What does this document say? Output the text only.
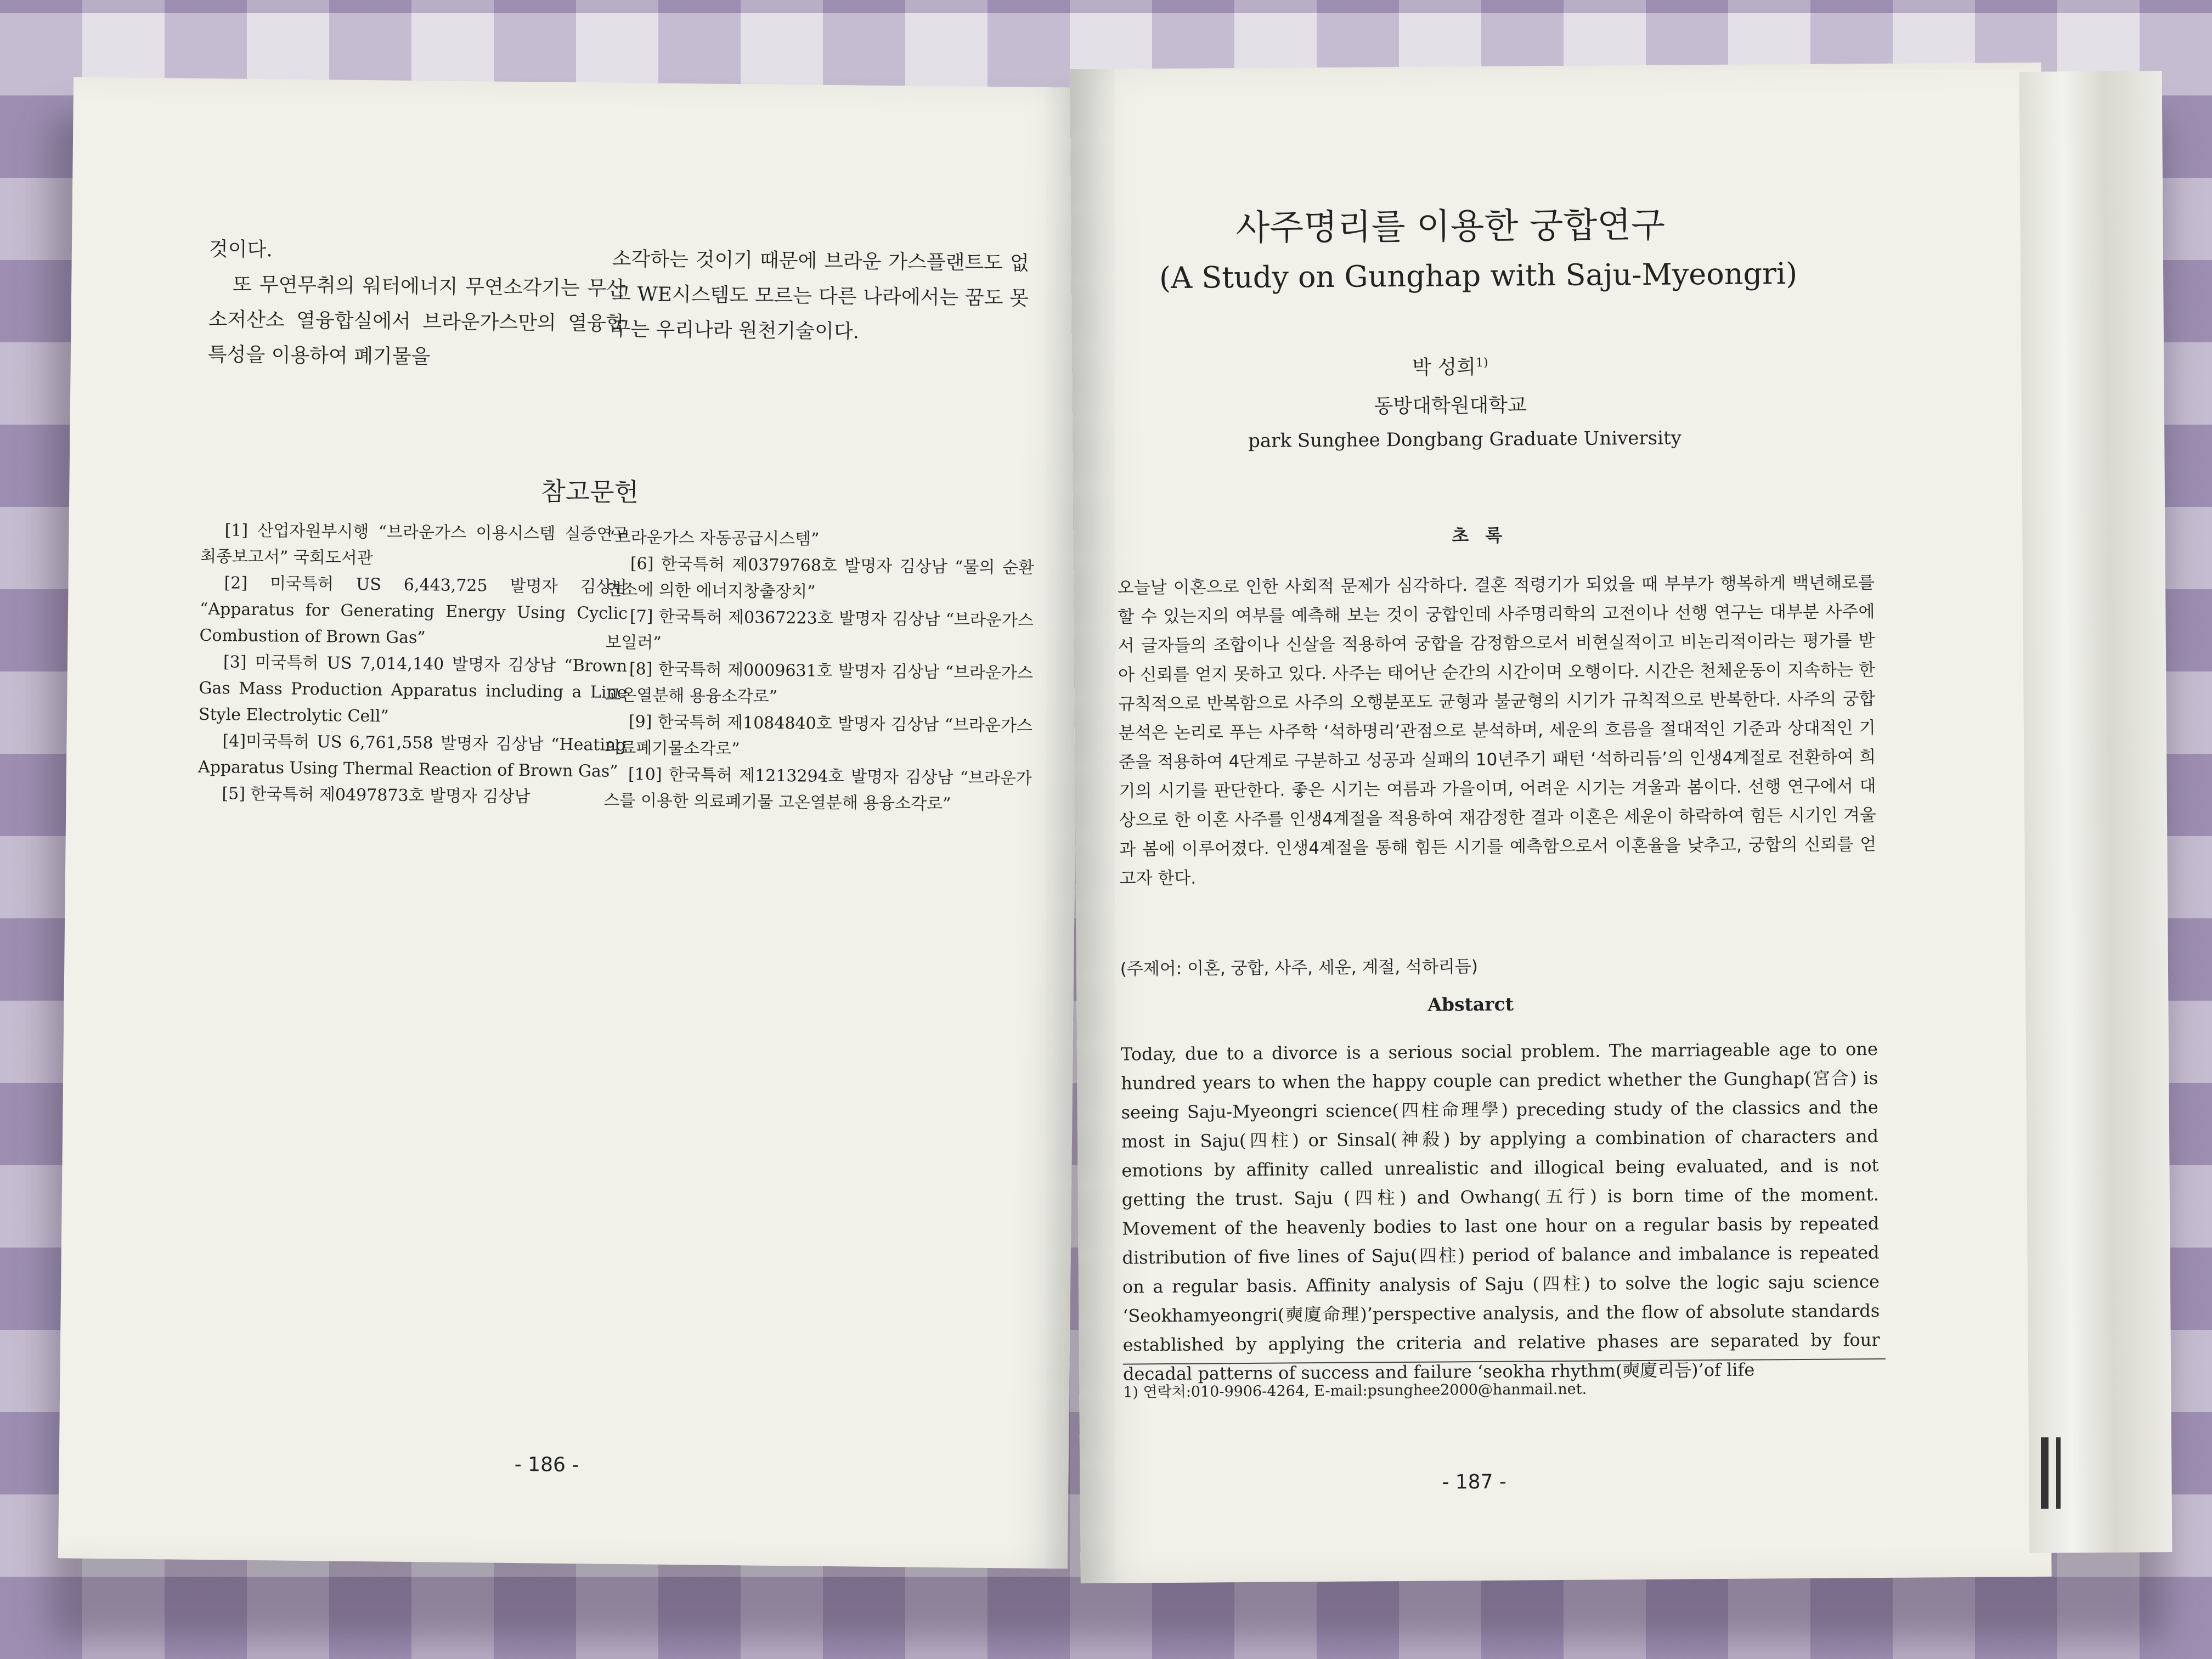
것이다.

또 무연무취의 워터에너지 무연소각기는 무산소저산소 열융합실에서 브라운가스만의 열융합특성을 이용하여 폐기물을

소각하는 것이기 때문에 브라운 가스플랜트도 없고 WE시스템도 모르는 다른 나라에서는 꿈도 못 꾸는 우리나라 원천기술이다.

참고문헌

[1] 산업자원부시행 “브라운가스 이용시스템 실증연구 최종보고서” 국회도서관

[2] 미국특허 US 6,443,725 발명자 김상남 “Apparatus for Generating Energy Using Cyclic Combustion of Brown Gas”

[3] 미국특허 US 7,014,140 발명자 김상남 “Brown Gas Mass Production Apparatus including a Line Style Electrolytic Cell”

[4]미국특허 US 6,761,558 발명자 김상남 “Heating Apparatus Using Thermal Reaction of Brown Gas”

[5] 한국특허 제0497873호 발명자 김상남

“브라운가스 자동공급시스템”

[6] 한국특허 제0379768호 발명자 김상남 “물의 순환연소에 의한 에너지창출장치”

[7] 한국특허 제0367223호 발명자 김상남 “브라운가스 보일러”

[8] 한국특허 제0009631호 발명자 김상남 “브라운가스 고온열분해 용융소각로”

[9] 한국특허 제1084840호 발명자 김상남 “브라운가스 의료폐기물소각로”

[10] 한국특허 제1213294호 발명자 김상남 “브라운가스를 이용한 의료폐기물 고온열분해 용융소각로”

- 186 -
사주명리를 이용한 궁합연구
(A Study on Gunghap with Saju-Myeongri)
박 성희$^{1)}$
동방대학원대학교
park Sunghee Dongbang Graduate University
초록
오늘날 이혼으로 인한 사회적 문제가 심각하다. 결혼 적령기가 되었을 때 부부가 행복하게 백년해로를 할 수 있는지의 여부를 예측해 보는 것이 궁합인데 사주명리학의 고전이나 선행 연구는 대부분 사주에서 글자들의 조합이나 신살을 적용하여 궁합을 감정함으로서 비현실적이고 비논리적이라는 평가를 받아 신뢰를 얻지 못하고 있다. 사주는 태어난 순간의 시간이며 오행이다. 시간은 천체운동이 지속하는 한 규칙적으로 반복함으로 사주의 오행분포도 균형과 불균형의 시기가 규칙적으로 반복한다. 사주의 궁합 분석은 논리로 푸는 사주학 ‘석하명리’관점으로 분석하며, 세운의 흐름을 절대적인 기준과 상대적인 기준을 적용하여 4단계로 구분하고 성공과 실패의 10년주기 패턴 ‘석하리듬’의 인생4계절로 전환하여 희기의 시기를 판단한다. 좋은 시기는 여름과 가을이며, 어려운 시기는 겨울과 봄이다. 선행 연구에서 대상으로 한 이혼 사주를 인생4계절을 적용하여 재감정한 결과 이혼은 세운이 하락하여 힘든 시기인 겨울과 봄에 이루어졌다. 인생4계절을 통해 힘든 시기를 예측함으로서 이혼율을 낮추고, 궁합의 신뢰를 얻고자 한다.
(주제어: 이혼, 궁합, 사주, 세운, 계절, 석하리듬)
Abstarct
Today, due to a divorce is a serious social problem. The marriageable age to one hundred years to when the happy couple can predict whether the Gunghap(宮合) is seeing Saju-Myeongri science(四柱命理學) preceding study of the classics and the most in Saju(四柱) or Sinsal(神殺) by applying a combination of characters and emotions by affinity called unrealistic and illogical being evaluated, and is not getting the trust. Saju (四柱) and Owhang(五行) is born time of the moment. Movement of the heavenly bodies to last one hour on a regular basis by repeated distribution of five lines of Saju(四柱) period of balance and imbalance is repeated on a regular basis. Affinity analysis of Saju (四柱) to solve the logic saju science ‘Seokhamyeongri(奭廈命理)’perspective analysis, and the flow of absolute standards established by applying the criteria and relative phases are separated by four decadal patterns of success and failure ‘seokha rhythm(奭廈리듬)’of life
1) 연락처:010-9906-4264, E-mail:psunghee2000@hanmail.net.
- 187 -
